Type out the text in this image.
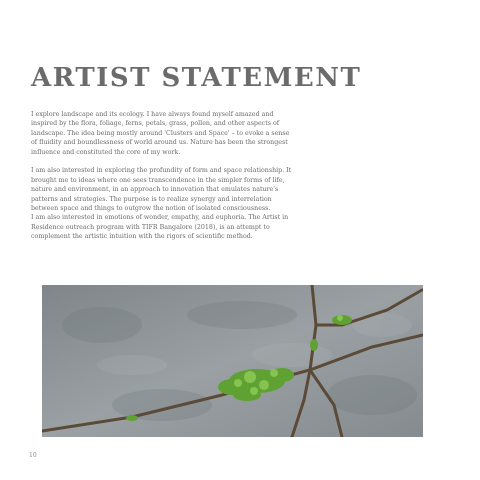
ARTIST STATEMENT

I explore landscape and its ecology. I have always found myself amazed and inspired by the flora, foliage, ferns, petals, grass, pollen, and other aspects of landscape. The idea being mostly around 'Clusters and Space' – to evoke a sense of fluidity and boundlessness of world around us. Nature has been the strongest influence and constituted the core of my work.

I am also interested in exploring the profundity of form and space relationship. It brought me to ideas where one sees transcendence in the simpler forms of life, nature and environment, in an approach to innovation that emulates nature's patterns and strategies. The purpose is to realize synergy and interrelation between space and things to outgrow the notion of isolated consciousness.

I am also interested in emotions of wonder, empathy, and euphoria. The Artist in Residence outreach program with TIFR Bangalore (2018), is an attempt to complement the artistic intuition with the rigors of scientific method.

10
